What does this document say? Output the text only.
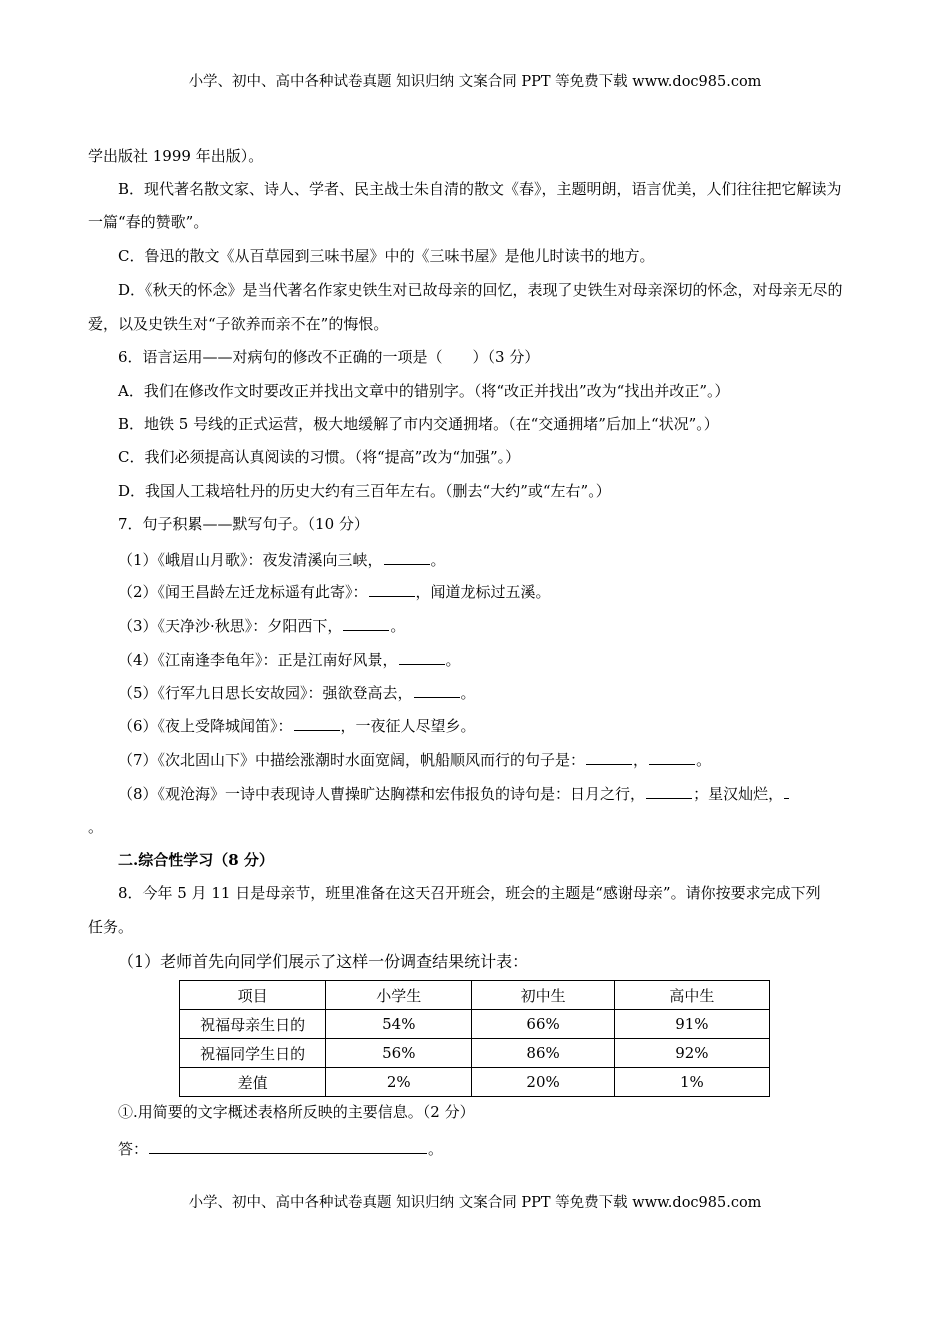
小学、初中、高中各种试卷真题 知识归纳 文案合同 PPT 等免费下载 www.doc985.com
学出版社 1999 年出版）。
B．现代著名散文家、诗人、学者、民主战士朱自清的散文《春》，主题明朗，语言优美，人们往往把它解读为
一篇“春的赞歌”。
C．鲁迅的散文《从百草园到三味书屋》中的《三味书屋》是他儿时读书的地方。
D．《秋天的怀念》是当代著名作家史铁生对已故母亲的回忆，表现了史铁生对母亲深切的怀念，对母亲无尽的
爱，以及史铁生对“子欲养而亲不在”的悔恨。
6．语言运用——对病句的修改不正确的一项是（　　）（3 分）
A．我们在修改作文时要改正并找出文章中的错别字。（将“改正并找出”改为“找出并改正”。）
B．地铁 5 号线的正式运营，极大地缓解了市内交通拥堵。（在“交通拥堵”后加上“状况”。）
C．我们必须提高认真阅读的习惯。（将“提高”改为“加强”。）
D．我国人工栽培牡丹的历史大约有三百年左右。（删去“大约”或“左右”。）
7．句子积累——默写句子。（10 分）
（1）《峨眉山月歌》：夜发清溪向三峡，	。
（2）《闻王昌龄左迁龙标遥有此寄》：	，闻道龙标过五溪。
（3）《天净沙·秋思》：夕阳西下，	。
（4）《江南逢李龟年》：正是江南好风景，	。
（5）《行军九日思长安故园》：强欲登高去，	。
（6）《夜上受降城闻笛》：	，一夜征人尽望乡。
（7）《次北固山下》中描绘涨潮时水面宽阔，帆船顺风而行的句子是：	，	。
（8）《观沧海》一诗中表现诗人曹操旷达胸襟和宏伟报负的诗句是：日月之行，	；星汉灿烂，
。
二.综合性学习（8 分）
8．今年 5 月 11 日是母亲节，班里准备在这天召开班会，班会的主题是“感谢母亲”。请你按要求完成下列
任务。
（1）老师首先向同学们展示了这样一份调查结果统计表：
项目	小学生	初中生	高中生
祝福母亲生日的	54%	66%	91%
祝福同学生日的	56%	86%	92%
差值	2%	20%	1%
①.用简要的文字概述表格所反映的主要信息。（2 分）
答：	。
小学、初中、高中各种试卷真题 知识归纳 文案合同 PPT 等免费下载 www.doc985.com
